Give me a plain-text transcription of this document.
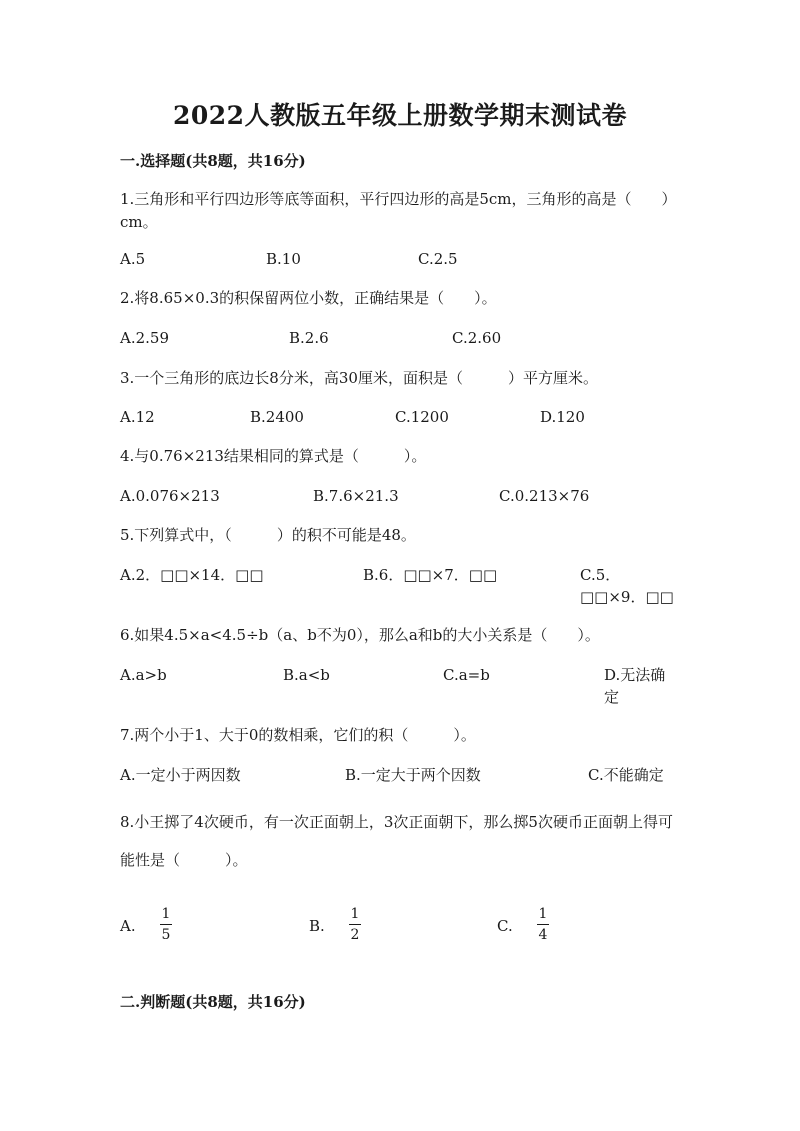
2022人教版五年级上册数学期末测试卷
一.选择题(共8题，共16分)
1.三角形和平行四边形等底等面积，平行四边形的高是5cm，三角形的高是（　　）cm。
A.5	B.10	C.2.5
2.将8.65×0.3的积保留两位小数，正确结果是（　　）。
A.2.59	B.2.6	C.2.60
3.一个三角形的底边长8分米，高30厘米，面积是（　　　）平方厘米。
A.12	B.2400	C.1200	D.120
4.与0.76×213结果相同的算式是（　　　）。
A.0.076×213	B.7.6×21.3	C.0.213×76
5.下列算式中，（　　　）的积不可能是48。
A.2．□□×14．□□	B.6．□□×7．□□	C.5．□□×9．□□
6.如果4.5×a<4.5÷b（a、b不为0），那么a和b的大小关系是（　　）。
A.a>b	B.a<b	C.a=b	D.无法确定
7.两个小于1、大于0的数相乘，它们的积（　　　）。
A.一定小于两因数	B.一定大于两个因数	C.不能确定
8.小王掷了4次硬币，有一次正面朝上，3次正面朝下，那么掷5次硬币正面朝上得可能性是（　　　）。
A.
1
5	B.
1
2	C.
1
4
二.判断题(共8题，共16分)
